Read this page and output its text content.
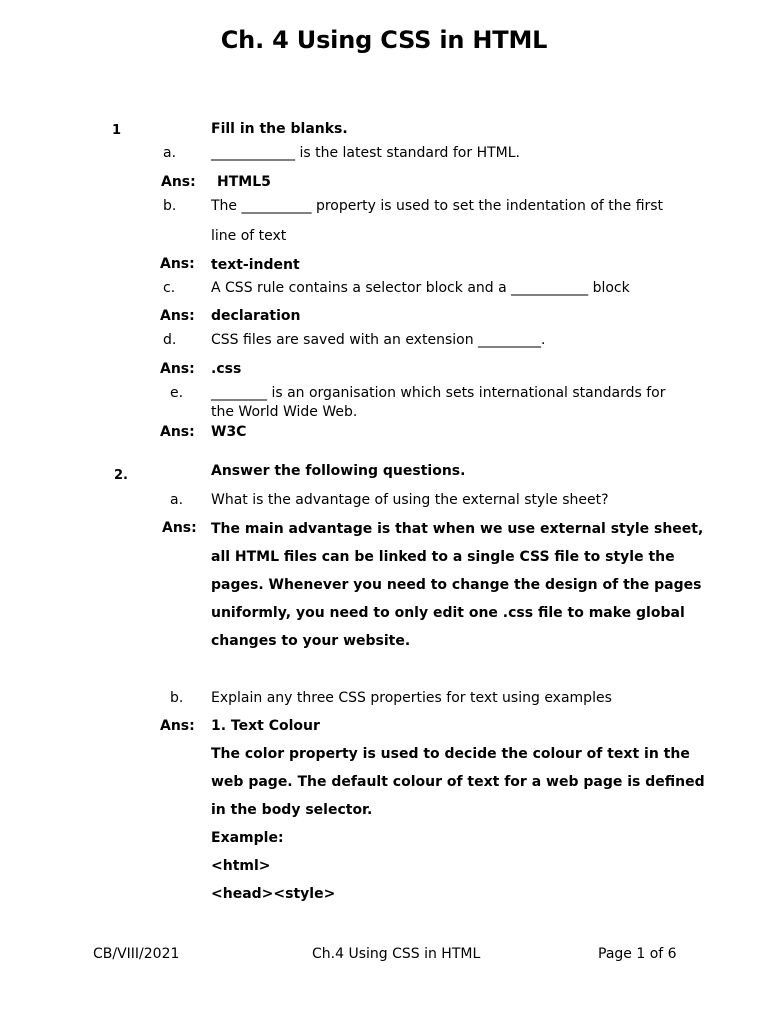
Ch. 4 Using CSS in HTML
1	Fill in the blanks.
a. ____________ is the latest standard for HTML.
Ans: HTML5
b. The __________ property is used to set the indentation of the first
line of text
Ans: text-indent
c.	A CSS rule contains a selector block and a ___________ block
Ans: declaration
d. CSS files are saved with an extension _________.
Ans: .css
e. ________ is an organisation which sets international standards for
the World Wide Web.
Ans: W3C
2.	Answer the following questions.
a. What is the advantage of using the external style sheet?
Ans: The main advantage is that when we use external style sheet,
all HTML files can be linked to a single CSS file to style the
pages. Whenever you need to change the design of the pages
uniformly, you need to only edit one .css file to make global
changes to your website.
b. Explain any three CSS properties for text using examples
Ans: 1. Text Colour
The color property is used to decide the colour of text in the
web page. The default colour of text for a web page is defined
in the body selector.
Example:
<html>
<head><style>
CB/VIII/2021	Ch.4 Using CSS in HTML	Page 1 of 6
